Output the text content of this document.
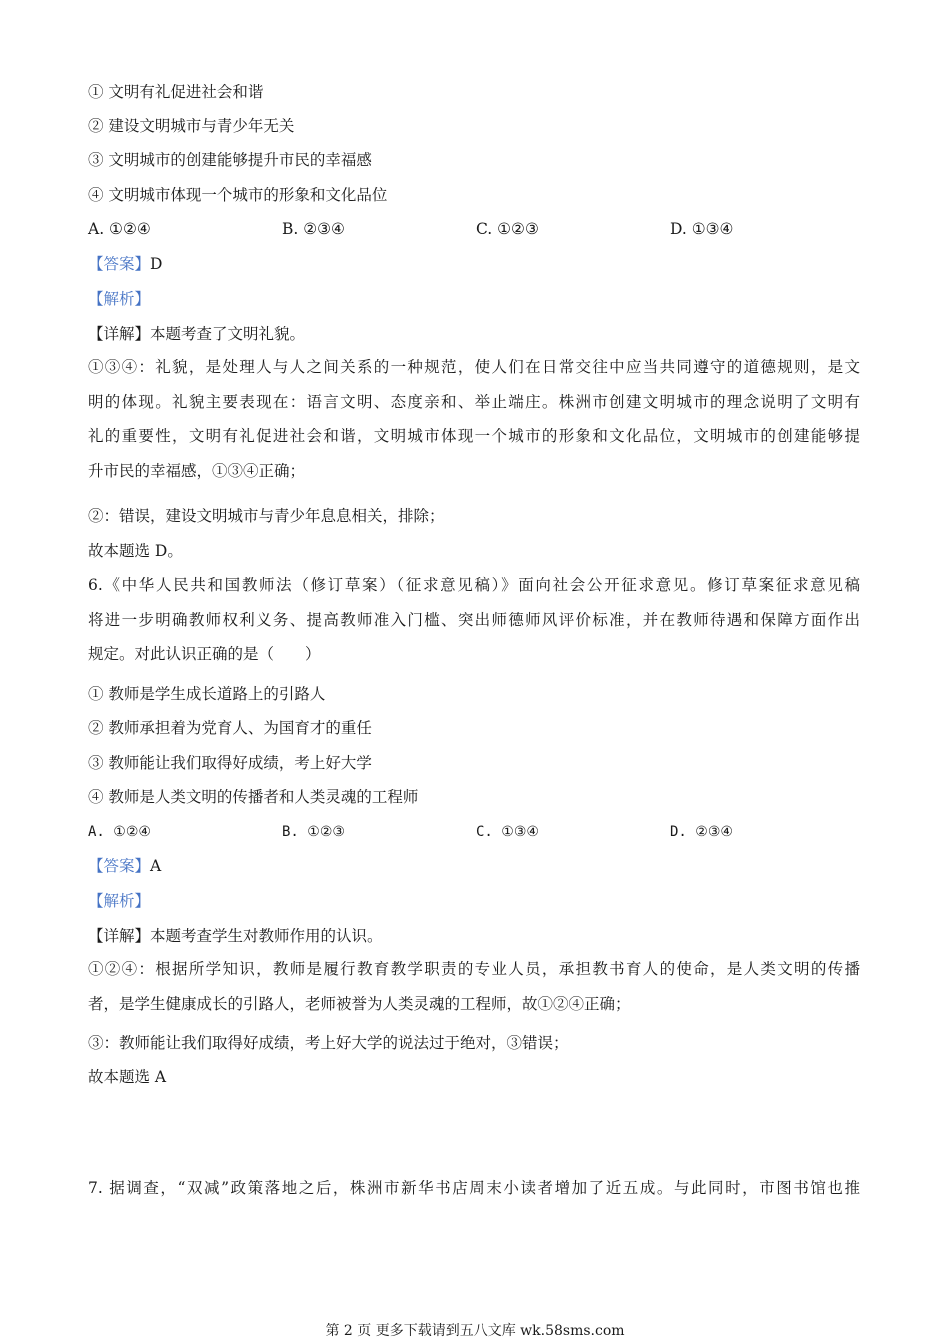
① 文明有礼促进社会和谐
② 建设文明城市与青少年无关
③ 文明城市的创建能够提升市民的幸福感
④ 文明城市体现一个城市的形象和文化品位
A. ①②④	B. ②③④	C. ①②③	D. ①③④
【答案】D
【解析】
【详解】本题考查了文明礼貌。

①③④：礼貌，是处理人与人之间关系的一种规范，使人们在日常交往中应当共同遵守的道德规则，是文

明的体现。礼貌主要表现在：语言文明、态度亲和、举止端庄。株洲市创建文明城市的理念说明了文明有

礼的重要性，文明有礼促进社会和谐，文明城市体现一个城市的形象和文化品位，文明城市的创建能够提

升市民的幸福感，①③④正确；

②：错误，建设文明城市与青少年息息相关，排除；
故本题选 D。

6.《中华人民共和国教师法（修订草案）（征求意见稿）》面向社会公开征求意见。修订草案征求意见稿

将进一步明确教师权利义务、提高教师准入门槛、突出师德师风评价标准，并在教师待遇和保障方面作出

规定。对此认识正确的是（　　）

① 教师是学生成长道路上的引路人
② 教师承担着为党育人、为国育才的重任
③ 教师能让我们取得好成绩，考上好大学
④ 教师是人类文明的传播者和人类灵魂的工程师
A. ①②④	B. ①②③	C. ①③④	D. ②③④
【答案】A
【解析】
【详解】本题考查学生对教师作用的认识。

①②④：根据所学知识，教师是履行教育教学职责的专业人员，承担教书育人的使命，是人类文明的传播

者，是学生健康成长的引路人，老师被誉为人类灵魂的工程师，故①②④正确；

③：教师能让我们取得好成绩，考上好大学的说法过于绝对，③错误；
故本题选 A

7. 据调查，“双减”政策落地之后，株洲市新华书店周末小读者增加了近五成。与此同时，市图书馆也推

第 2 页 更多下载请到五八文库 wk.58sms.com
